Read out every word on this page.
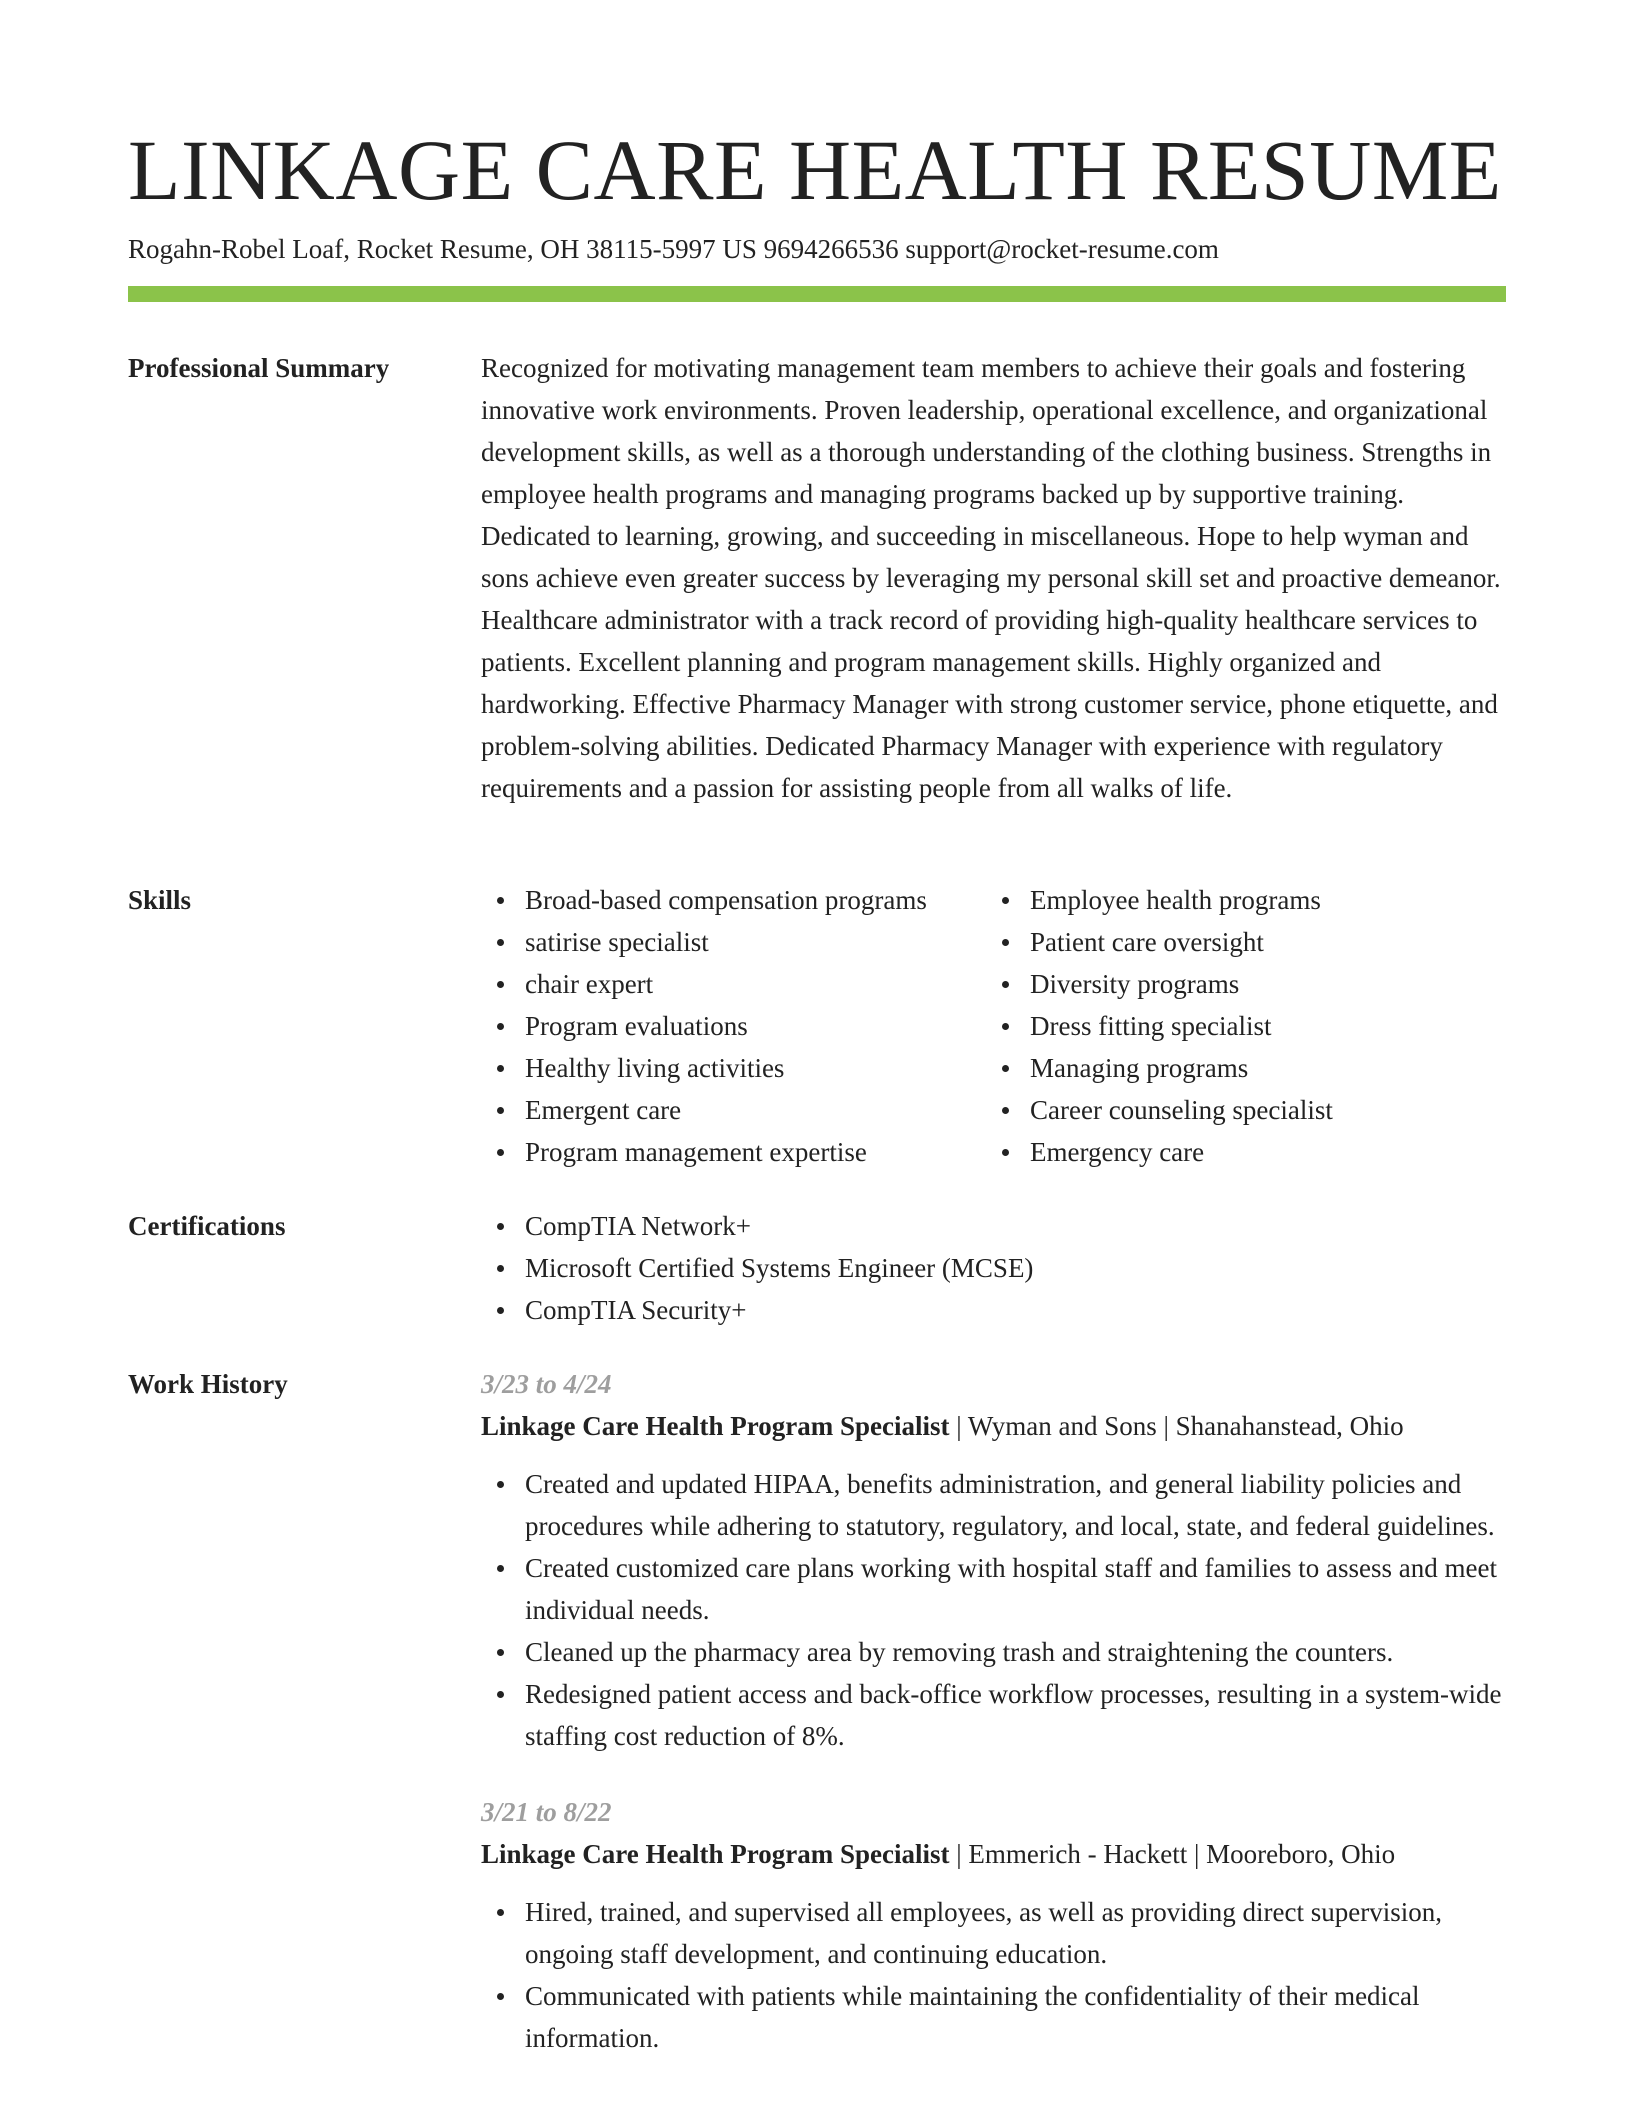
LINKAGE CARE HEALTH RESUME
Rogahn-Robel Loaf, Rocket Resume, OH 38115-5997 US 9694266536 support@rocket-resume.com
Professional Summary	Recognized for motivating management team members to achieve their goals and fostering innovative work environments. Proven leadership, operational excellence, and organizational development skills, as well as a thorough understanding of the clothing business. Strengths in employee health programs and managing programs backed up by supportive training. Dedicated to learning, growing, and succeeding in miscellaneous. Hope to help wyman and sons achieve even greater success by leveraging my personal skill set and proactive demeanor. Healthcare administrator with a track record of providing high-quality healthcare services to patients. Excellent planning and program management skills. Highly organized and hardworking. Effective Pharmacy Manager with strong customer service, phone etiquette, and problem-solving abilities. Dedicated Pharmacy Manager with experience with regulatory requirements and a passion for assisting people from all walks of life.

Skills	Broad-based compensation programs
satirise specialist
chair expert
Program evaluations
Healthy living activities
Emergent care
Program management expertise
Employee health programs
Patient care oversight
Diversity programs
Dress fitting specialist
Managing programs
Career counseling specialist
Emergency care
Certifications	CompTIA Network+
Microsoft Certified Systems Engineer (MCSE)
CompTIA Security+
Work History	3/23 to 4/24
Linkage Care Health Program Specialist | Wyman and Sons | Shanahanstead, Ohio
Created and updated HIPAA, benefits administration, and general liability policies and procedures while adhering to statutory, regulatory, and local, state, and federal guidelines.
Created customized care plans working with hospital staff and families to assess and meet individual needs.
Cleaned up the pharmacy area by removing trash and straightening the counters.
Redesigned patient access and back-office workflow processes, resulting in a system-wide staffing cost reduction of 8%.
3/21 to 8/22
Linkage Care Health Program Specialist | Emmerich - Hackett | Mooreboro, Ohio
Hired, trained, and supervised all employees, as well as providing direct supervision, ongoing staff development, and continuing education.
Communicated with patients while maintaining the confidentiality of their medical information.
